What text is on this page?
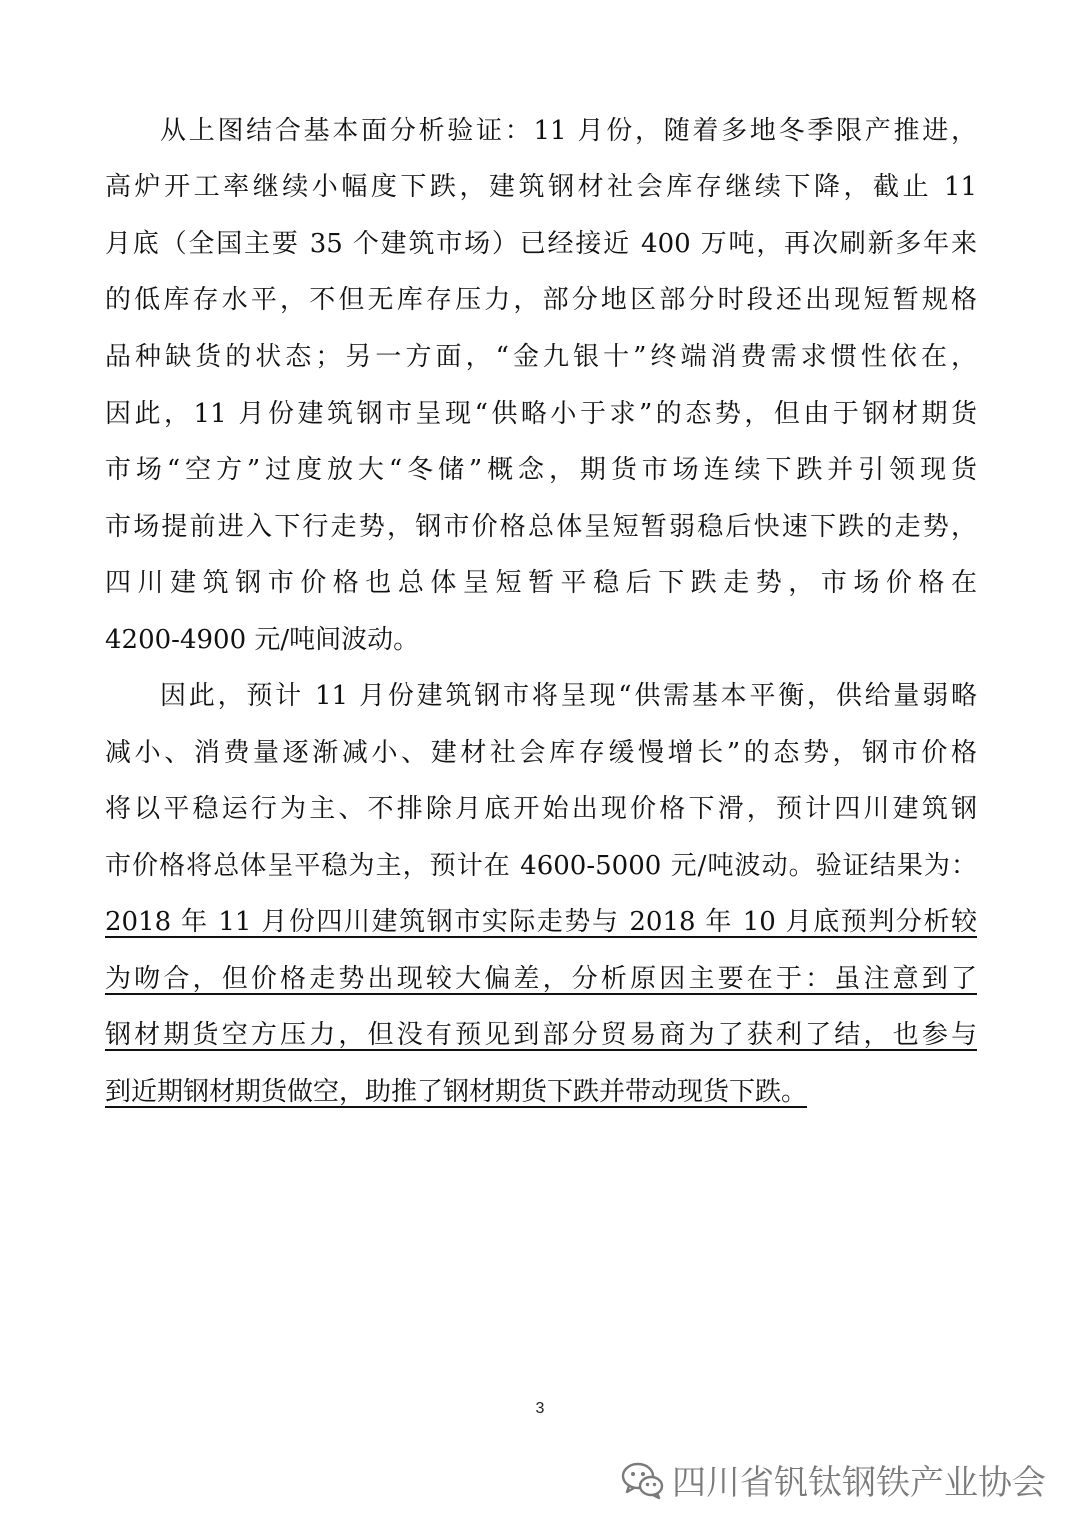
从上图结合基本面分析验证：11 月份，随着多地冬季限产推进，
高炉开工率继续小幅度下跌，建筑钢材社会库存继续下降，截止 11
月底（全国主要 35 个建筑市场）已经接近 400 万吨，再次刷新多年来
的低库存水平，不但无库存压力，部分地区部分时段还出现短暂规格
品种缺货的状态；另一方面，“金九银十”终端消费需求惯性依在，
因此，11 月份建筑钢市呈现“供略小于求”的态势，但由于钢材期货
市场“空方”过度放大“冬储”概念，期货市场连续下跌并引领现货
市场提前进入下行走势，钢市价格总体呈短暂弱稳后快速下跌的走势，
四川建筑钢市价格也总体呈短暂平稳后下跌走势，市场价格在
4200-4900 元/吨间波动。
因此，预计 11 月份建筑钢市将呈现“供需基本平衡，供给量弱略
减小、消费量逐渐减小、建材社会库存缓慢增长”的态势，钢市价格
将以平稳运行为主、不排除月底开始出现价格下滑，预计四川建筑钢
市价格将总体呈平稳为主，预计在 4600-5000 元/吨波动。验证结果为：
2018 年 11 月份四川建筑钢市实际走势与 2018 年 10 月底预判分析较
为吻合，但价格走势出现较大偏差，分析原因主要在于：虽注意到了
钢材期货空方压力，但没有预见到部分贸易商为了获利了结，也参与
到近期钢材期货做空，助推了钢材期货下跌并带动现货下跌。
3
四川省钒钛钢铁产业协会
